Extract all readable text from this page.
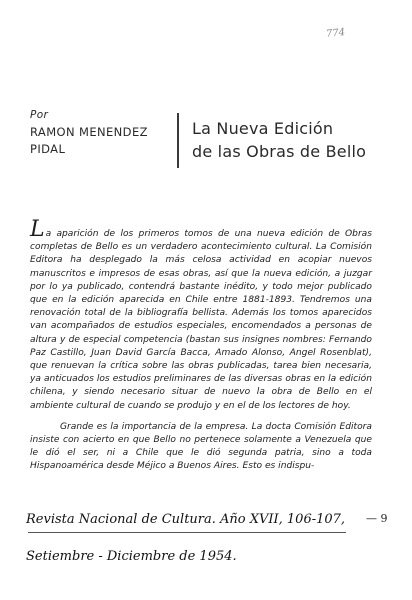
774
Por
RAMON MENENDEZ
PIDAL
La Nueva Edición
de las Obras de Bello

La aparición de los primeros tomos de una nueva edición de Obras completas de Bello es un verdadero acontecimiento cultural. La Comisión Editora ha desplegado la más celosa actividad en acopiar nuevos manuscritos e impresos de esas obras, así que la nueva edición, a juzgar por lo ya publicado, contendrá bastante inédito, y todo mejor publicado que en la edición aparecida en Chile entre 1881-1893. Tendremos una renovación total de la bibliografía bellista. Además los tomos aparecidos van acompañados de estudios especiales, encomendados a personas de altura y de especial competencia (bastan sus insignes nombres: Fernando Paz Castillo, Juan David García Bacca, Amado Alonso, Angel Rosenblat), que renuevan la crítica sobre las obras publicadas, tarea bien necesaria, ya anticuados los estudios preliminares de las diversas obras en la edición chilena, y siendo necesario situar de nuevo la obra de Bello en el ambiente cultural de cuando se produjo y en el de los lectores de hoy.

Grande es la importancia de la empresa. La docta Comisión Editora insiste con acierto en que Bello no pertenece solamente a Venezuela que le dió el ser, ni a Chile que le dió segunda patria, sino a toda Hispanoamérica desde Méjico a Buenos Aires. Esto es indispu-

Revista Nacional de Cultura. Año XVII, 106-107,	— 9
Setiembre - Diciembre de 1954.
